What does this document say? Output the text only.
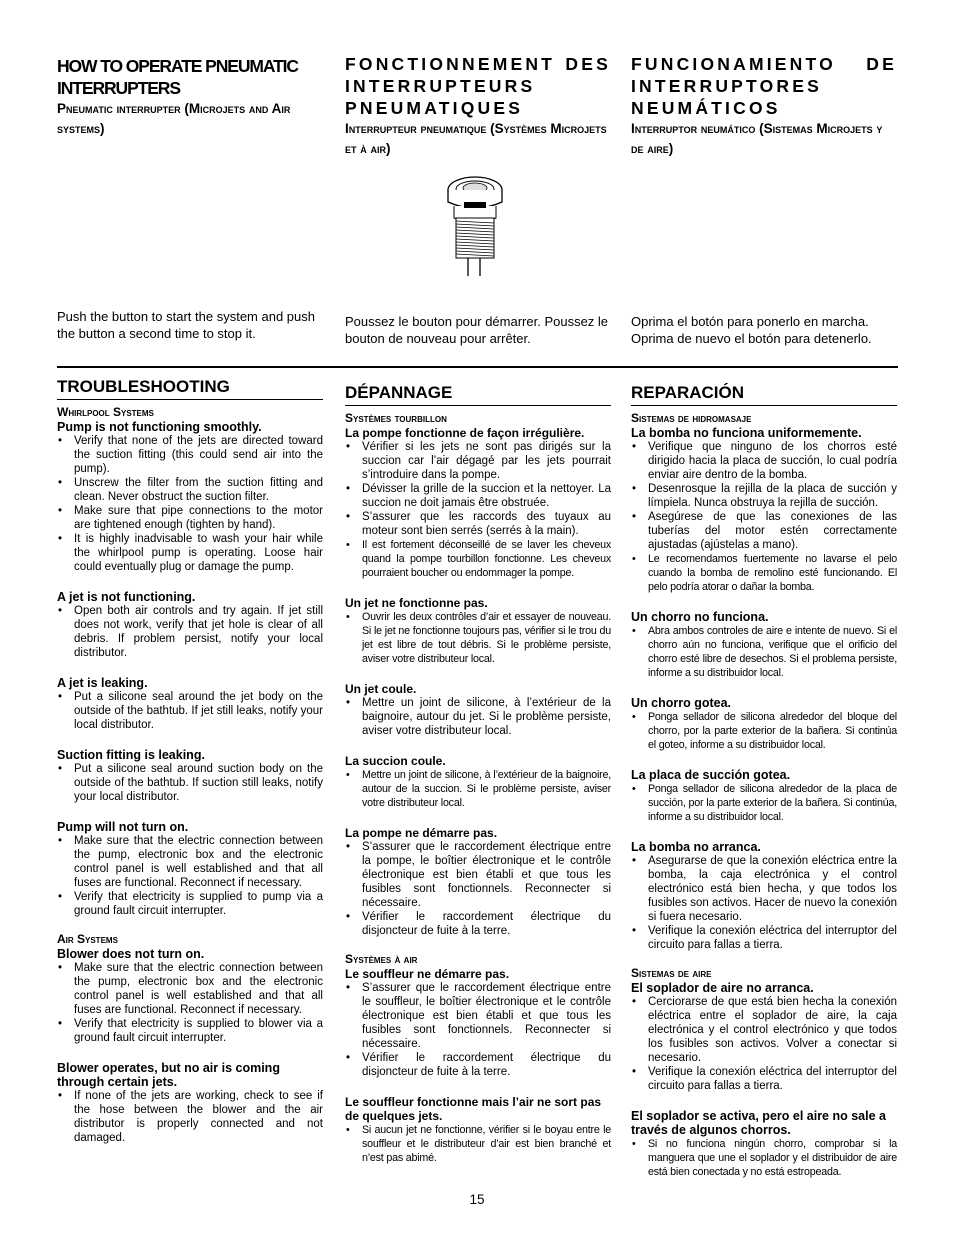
HOW TO OPERATE PNEUMATIC INTERRUPTERS
Pneumatic interrupter (Microjets and Air systems)
FONCTIONNEMENT DES INTERRUPTEURS PNEUMATIQUES
Interrupteur pneumatique (Systèmes Microjets et à air)
FUNCIONAMIENTO DE INTERRUPTORES NEUMÁTICOS
Interruptor neumático (Sistemas Microjets y de aire)
Push the button to start the system and push the button a second time to stop it.
Poussez le bouton pour démarrer. Poussez le bouton de nouveau pour arrêter.
Oprima el botón para ponerlo en marcha. Oprima de nuevo el botón para detenerlo.
TROUBLESHOOTING
Whirlpool Systems
Pump is not functioning smoothly.
• Verify that none of the jets are directed toward the suction fitting (this could send air into the pump).
• Unscrew the filter from the suction fitting and clean. Never obstruct the suction filter.
• Make sure that pipe connections to the motor are tightened enough (tighten by hand).
• It is highly inadvisable to wash your hair while the whirlpool pump is operating. Loose hair could eventually plug or damage the pump.
A jet is not functioning.
• Open both air controls and try again. If jet still does not work, verify that jet hole is clear of all debris. If problem persist, notify your local distributor.
A jet is leaking.
• Put a silicone seal around the jet body on the outside of the bathtub. If jet still leaks, notify your local distributor.
Suction fitting is leaking.
• Put a silicone seal around suction body on the outside of the bathtub. If suction still leaks, notify your local distributor.
Pump will not turn on.
• Make sure that the electric connection between the pump, electronic box and the electronic control panel is well established and that all fuses are functional. Reconnect if necessary.
• Verify that electricity is supplied to pump via a ground fault circuit interrupter.
Air Systems
Blower does not turn on.
• Make sure that the electric connection between the pump, electronic box and the electronic control panel is well established and that all fuses are functional. Reconnect if necessary.
• Verify that electricity is supplied to blower via a ground fault circuit interrupter.
Blower operates, but no air is coming through certain jets.
• If none of the jets are working, check to see if the hose between the blower and the air distributor is properly connected and not damaged.
DÉPANNAGE
Systèmes tourbillon
La pompe fonctionne de façon irrégulière.
• Vérifier si les jets ne sont pas dirigés sur la succion car l’air dégagé par les jets pourrait s’introduire dans la pompe.
• Dévisser la grille de la succion et la nettoyer. La succion ne doit jamais être obstruée.
• S’assurer que les raccords des tuyaux au moteur sont bien serrés (serrés à la main).
• Il est fortement déconseillé de se laver les cheveux quand la pompe tourbillon fonctionne. Les cheveux pourraient boucher ou endommager la pompe.
Un jet ne fonctionne pas.
• Ouvrir les deux contrôles d’air et essayer de nouveau. Si le jet ne fonctionne toujours pas, vérifier si le trou du jet est libre de tout débris. Si le problème persiste, aviser votre distributeur local.
Un jet coule.
• Mettre un joint de silicone, à l’extérieur de la baignoire, autour du jet. Si le problème persiste, aviser votre distributeur local.
La succion coule.
• Mettre un joint de silicone, à l’extérieur de la baignoire, autour de la succion. Si le problème persiste, aviser votre distributeur local.
La pompe ne démarre pas.
• S’assurer que le raccordement électrique entre la pompe, le boîtier électronique et le contrôle électronique est bien établi et que tous les fusibles sont fonctionnels. Reconnecter si nécessaire.
• Vérifier le raccordement électrique du disjoncteur de fuite à la terre.
Systèmes à air
Le souffleur ne démarre pas.
• S’assurer que le raccordement électrique entre le souffleur, le boîtier électronique et le contrôle électronique est bien établi et que tous les fusibles sont fonctionnels. Reconnecter si nécessaire.
• Vérifier le raccordement électrique du disjoncteur de fuite à la terre.
Le souffleur fonctionne mais l’air ne sort pas de quelques jets.
• Si aucun jet ne fonctionne, vérifier si le boyau entre le souffleur et le distributeur d’air est bien branché et n’est pas abimé.
REPARACIÓN
Sistemas de hidromasaje
La bomba no funciona uniformemente.
• Verifique que ninguno de los chorros esté dirigido hacia la placa de succión, lo cual podría enviar aire dentro de la bomba.
• Desenrosque la rejilla de la placa de succión y límpiela. Nunca obstruya la rejilla de succión.
• Asegúrese de que las conexiones de las tuberías del motor estén correctamente ajustadas (ajústelas a mano).
• Le recomendamos fuertemente no lavarse el pelo cuando la bomba de remolino esté funcionando. El pelo podría atorar o dañar la bomba.
Un chorro no funciona.
• Abra ambos controles de aire e intente de nuevo. Si el chorro aún no funciona, verifique que el orificio del chorro esté libre de desechos. Si el problema persiste, informe a su distribuidor local.
Un chorro gotea.
• Ponga sellador de silicona alrededor del bloque del chorro, por la parte exterior de la bañera. Si continúa el goteo, informe a su distribuidor local.
La placa de succión gotea.
• Ponga sellador de silicona alrededor de la placa de succión, por la parte exterior de la bañera. Si continúa, informe a su distribuidor local.
La bomba no arranca.
• Asegurarse de que la conexión eléctrica entre la bomba, la caja electrónica y el control electrónico está bien hecha, y que todos los fusibles son activos. Hacer de nuevo la conexión si fuera necesario.
• Verifique la conexión eléctrica del interruptor del circuito para fallas a tierra.
Sistemas de aire
El soplador de aire no arranca.
• Cerciorarse de que está bien hecha la conexión eléctrica entre el soplador de aire, la caja electrónica y el control electrónico y que todos los fusibles son activos. Volver a conectar si necesario.
• Verifique la conexión eléctrica del interruptor del circuito para fallas a tierra.
El soplador se activa, pero el aire no sale a través de algunos chorros.
• Si no funciona ningún chorro, comprobar si la manguera que une el soplador y el distribuidor de aire está bien conectada y no está estropeada.
15
